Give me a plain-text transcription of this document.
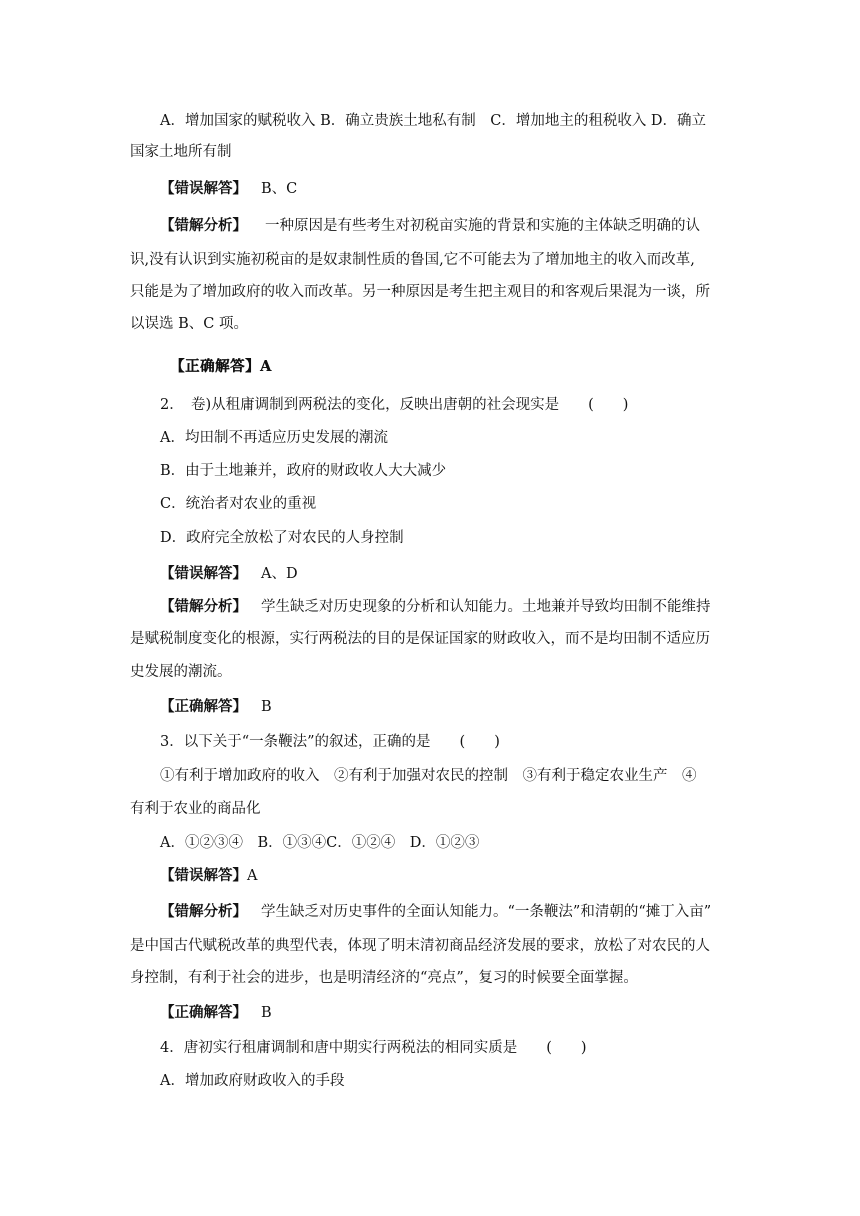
A．增加国家的赋税收入 B．确立贵族土地私有制　C．增加地主的租税收入 D．确立
国家土地所有制
【错误解答】 B、C
【错解分析】 一种原因是有些考生对初税亩实施的背景和实施的主体缺乏明确的认
识,没有认识到实施初税亩的是奴隶制性质的鲁国,它不可能去为了增加地主的收入而改革,
只能是为了增加政府的收入而改革。另一种原因是考生把主观目的和客观后果混为一谈，所
以误选 B、C 项。
【正确解答】A
2．　卷)从租庸调制到两税法的变化，反映出唐朝的社会现实是　　(　　)
A．均田制不再适应历史发展的潮流
B．由于土地兼并，政府的财政收人大大减少
C．统治者对农业的重视
D．政府完全放松了对农民的人身控制
【错误解答】 A、D
【错解分析】 学生缺乏对历史现象的分析和认知能力。土地兼并导致均田制不能维持
是赋税制度变化的根源，实行两税法的目的是保证国家的财政收入，而不是均田制不适应历
史发展的潮流。
【正确解答】 B
3．以下关于“一条鞭法”的叙述，正确的是　　(　　)
①有利于增加政府的收入　②有利于加强对农民的控制　③有利于稳定农业生产　④
有利于农业的商品化
A．①②③④　B．①③④C．①②④　D．①②③
【错误解答】A
【错解分析】 学生缺乏对历史事件的全面认知能力。“一条鞭法”和清朝的“摊丁入亩”
是中国古代赋税改革的典型代表，体现了明末清初商品经济发展的要求，放松了对农民的人
身控制，有利于社会的进步，也是明清经济的“亮点”，复习的时候要全面掌握。
【正确解答】 B
4．唐初实行租庸调制和唐中期实行两税法的相同实质是　　(　　)
A．增加政府财政收入的手段
